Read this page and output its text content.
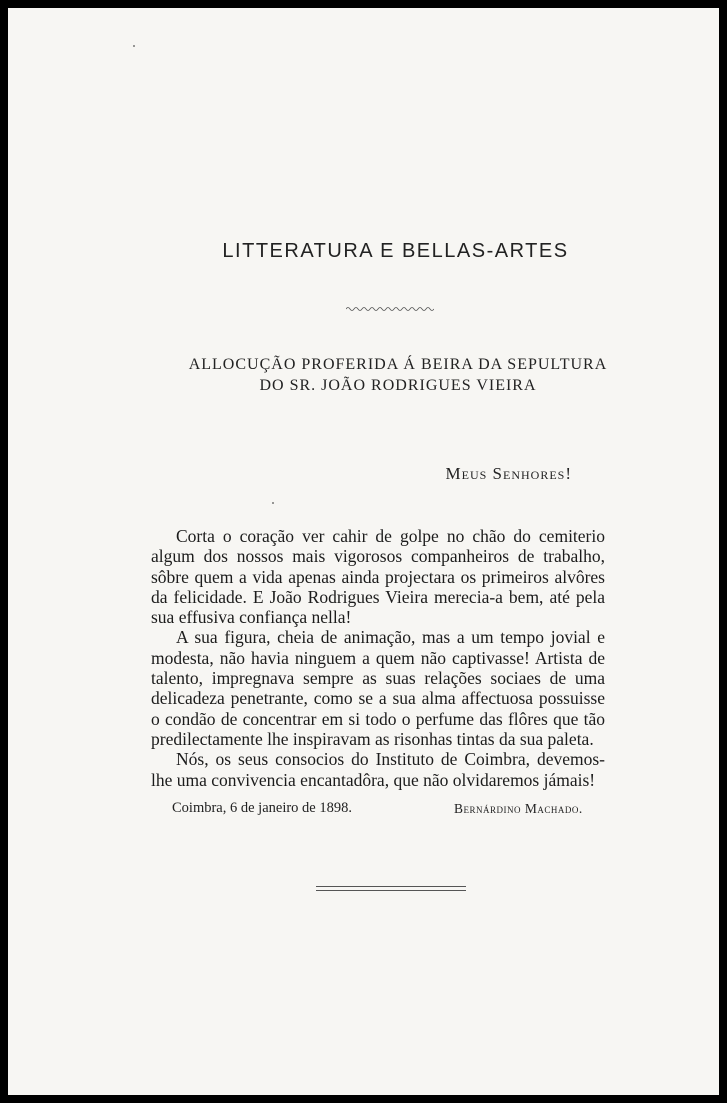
LITTERATURA E BELLAS-ARTES
ALLOCUÇÃO PROFERIDA Á BEIRA DA SEPULTURA
DO SR. JOÃO RODRIGUES VIEIRA
Meus Senhores!

Corta o coração ver cahir de golpe no chão do cemiterio algum dos nossos mais vigorosos companheiros de trabalho, sôbre quem a vida apenas ainda projectara os primeiros alvôres da felicidade. E João Rodrigues Vieira merecia-a bem, até pela sua effusiva confiança nella!

A sua figura, cheia de animação, mas a um tempo jovial e modesta, não havia ninguem a quem não captivasse! Artista de talento, impregnava sempre as suas relações sociaes de uma delicadeza penetrante, como se a sua alma affectuosa possuisse o condão de concentrar em si todo o perfume das flôres que tão predilectamente lhe inspiravam as risonhas tintas da sua paleta.

Nós, os seus consocios do Instituto de Coimbra, devemos-lhe uma convivencia encantadôra, que não olvidaremos jámais!

Coimbra, 6 de janeiro de 1898.	Bernárdino Machado.
